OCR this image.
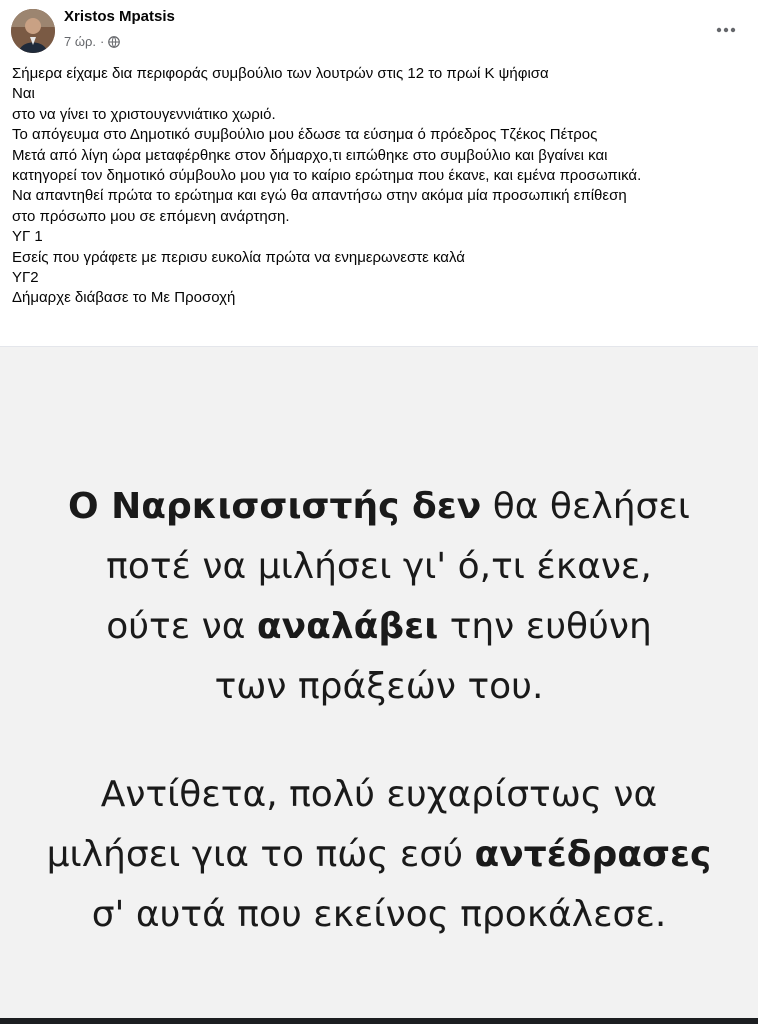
Xristos Mpatsis
7 ώρ. ·
Σήμερα είχαμε δια περιφοράς συμβούλιο των λουτρών στις 12 το πρωί Κ ψήφισα
Ναι
στο να γίνει το χριστουγεννιάτικο χωριό.
Το απόγευμα στο Δημοτικό συμβούλιο μου έδωσε τα εύσημα ό πρόεδρος Τζέκος Πέτρος
Μετά από λίγη ώρα μεταφέρθηκε στον δήμαρχο,τι ειπώθηκε στο συμβούλιο και βγαίνει και
κατηγορεί τον δημοτικό σύμβουλο μου για το καίριο ερώτημα που έκανε, και εμένα προσωπικά.
Να απαντηθεί πρώτα το ερώτημα και εγώ θα απαντήσω στην ακόμα μία προσωπική επίθεση
στο πρόσωπο μου σε επόμενη ανάρτηση.
ΥΓ 1
Εσείς που γράφετε με περισυ ευκολία πρώτα να ενημερωνεστε καλά
ΥΓ2
Δήμαρχε διάβασε το Με Προσοχή
Ο Ναρκισσιστής δεν θα θελήσει
ποτέ να μιλήσει γι' ό,τι έκανε,
ούτε να αναλάβει την ευθύνη
των πράξεών του.
Αντίθετα, πολύ ευχαρίστως να
μιλήσει για το πώς εσύ αντέδρασες
σ' αυτά που εκείνος προκάλεσε.
